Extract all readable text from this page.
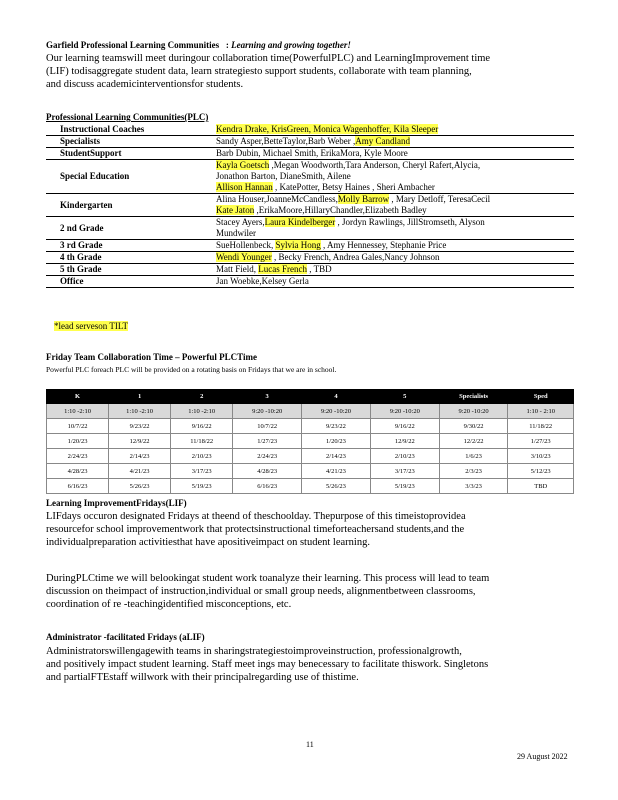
Garfield Professional Learning Communities : Learning and growing together!
Our learning teamswill meet duringour collaboration time(PowerfulPLC) and LearningImprovement time
(LIF) todisaggregate student data, learn strategiesto support students, collaborate with team planning,
and discuss academicinterventionsfor students.
Professional Learning Communities(PLC)
Instructional Coaches	Kendra Drake, KrisGreen, Monica Wagenhoffer, Kila Sleeper

Specialists	Sandy Asper,BetteTaylor,Barb Weber ,Amy Candland

StudentSupport	Barb Dubin, Michael Smith, ErikaMora, Kyle Moore

Special Education	Kayla Goetsch ,Megan Woodworth,Tara Anderson, Cheryl Rafert,Alycia,
Jonathon Barton, DianeSmith, Ailene
Allison Hannan , KatePotter, Betsy Haines , Sheri Ambacher

Kindergarten	Alina Houser,JoanneMcCandless,Molly Barrow , Mary Detloff, TeresaCecil
Kate Jaton ,ErikaMoore,HillaryChandler,Elizabeth Badley

2 nd Grade	Stacey Ayers,Laura Kindelberger , Jordyn Rawlings, JillStromseth, Alyson
Mundwiler

3 rd Grade	SueHollenbeck, Sylvia Hong , Amy Hennessey, Stephanie Price

4 th Grade	Wendi Younger , Becky French, Andrea Gales,Nancy Johnson

5 th Grade	Matt Field, Lucas French , TBD

Office	Jan Woebke,Kelsey Gerla
*lead serveson TILT
Friday Team Collaboration Time – Powerful PLCTime
Powerful PLC foreach PLC will be provided on a rotating basis on Fridays that we are in school.
K	1	2	3	4	5	Specialists	Sped
1:10 -2:10	1:10 -2:10	1:10 -2:10	9:20 -10:20	9:20 -10:20	9:20 -10:20	9:20 -10:20	1:10 - 2:10
10/7/22	9/23/22	9/16/22	10/7/22	9/23/22	9/16/22	9/30/22	11/18/22
1/20/23	12/9/22	11/18/22	1/27/23	1/20/23	12/9/22	12/2/22	1/27/23
2/24/23	2/14/23	2/10/23	2/24/23	2/14/23	2/10/23	1/6/23	3/10/23
4/28/23	4/21/23	3/17/23	4/28/23	4/21/23	3/17/23	2/3/23	5/12/23
6/16/23	5/26/23	5/19/23	6/16/23	5/26/23	5/19/23	3/3/23	TBD
Learning ImprovementFridays(LIF)
LIFdays occuron designated Fridays at theend of theschoolday. Thepurpose of this timeistoprovidea
resourcefor school improvementwork that protectsinstructional timeforteachersand students,and the
individualpreparation activitiesthat have apositiveimpact on student learning.
DuringPLCtime we will belookingat student work toanalyze their learning. This process will lead to team
discussion on theimpact of instruction,individual or small group needs, alignmentbetween classrooms,
coordination of re -teachingidentified misconceptions, etc.
Administrator -facilitated Fridays (aLIF)
Administratorswillengagewith teams in sharingstrategiestoimproveinstruction, professionalgrowth,
and positively impact student learning. Staff meet ings may benecessary to facilitate thiswork. Singletons
and partialFTEstaff willwork with their principalregarding use of thistime.
11
29 August 2022
